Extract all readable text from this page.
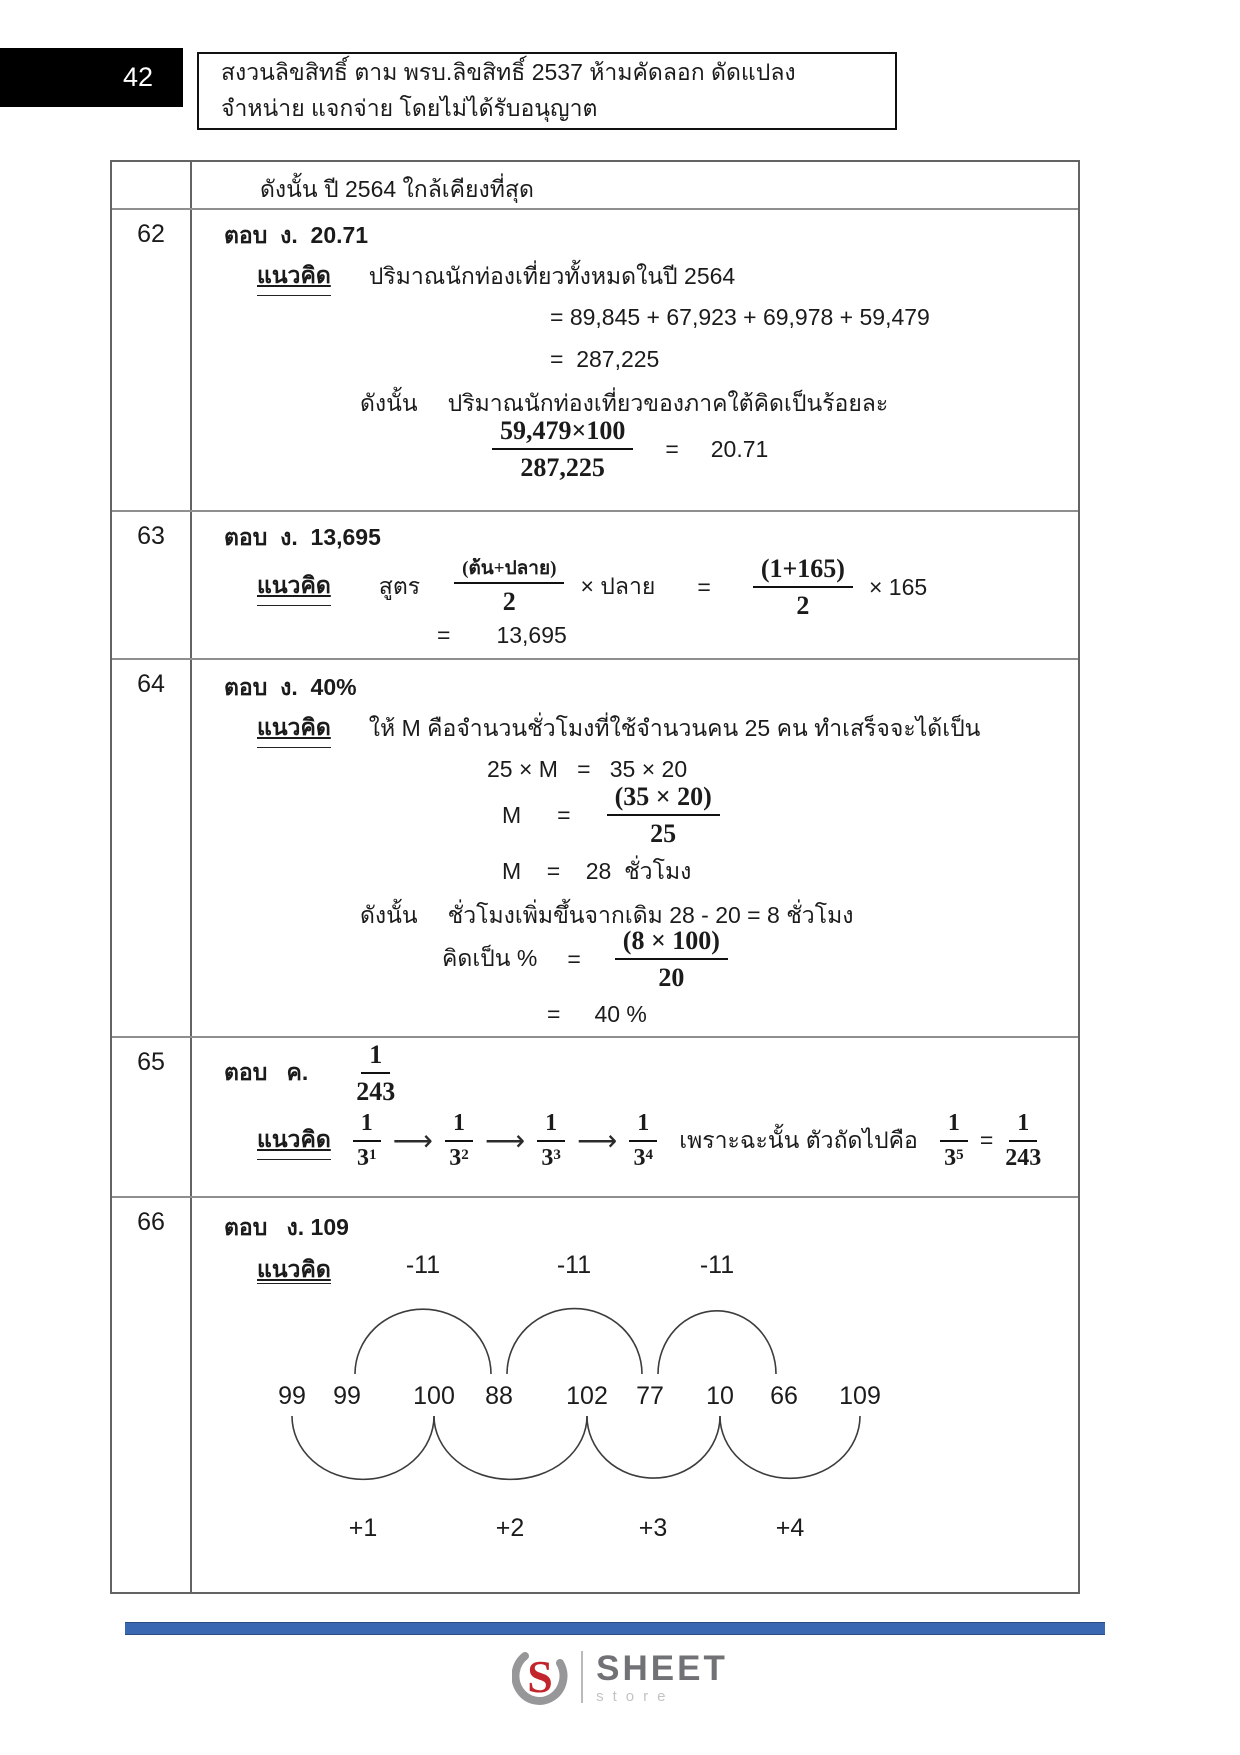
42	สงวนลิขสิทธิ์ ตาม พรบ.ลิขสิทธิ์ 2537 ห้ามคัดลอก ดัดแปลง จำหน่าย แจกจ่าย โดยไม่ได้รับอนุญาต
ดังนั้น ปี 2564 ใกล้เคียงที่สุด
62	ตอบ  ง.  20.71
แนวคิด ปริมาณนักท่องเที่ยวทั้งหมดในปี 2564
= 89,845 + 67,923 + 69,978 + 59,479
=  287,225
ดังนั้น ปริมาณนักท่องเที่ยวของภาคใต้คิดเป็นร้อยละ
$\frac{59,479\times 100}{287,225} = 20.71$
63	ตอบ  ง.  13,695
แนวคิด สูตร $\frac{\text{(ต้น+ปลาย)}}{2}$ × ปลาย = $\frac{(1+165)}{2} \times 165$
= 13,695
64	ตอบ  ง.  40%
แนวคิด ให้ M คือจำนวนชั่วโมงที่ใช้จำนวนคน 25 คน ทำเสร็จจะได้เป็น
25 × M   =   35 × 20
$M = \frac{(35 \times 20)}{25}$
M    =    28  ชั่วโมง
ดังนั้น ชั่วโมงเพิ่มขึ้นจากเดิม 28 - 20 = 8 ชั่วโมง
คิดเป็น % = $\frac{(8 \times 100)}{20}$
= 40 %
65	ตอบ   ค. $\frac{1}{243}$
แนวคิด $\frac{1}{3^1}$ ⟶ $\frac{1}{3^2}$ ⟶ $\frac{1}{3^3}$ ⟶ $\frac{1}{3^4}$ เพราะฉะนั้น ตัวถัดไปคือ $\frac{1}{3^5} = \frac{1}{243}$
66	ตอบ   ง. 109
แนวคิด	-11	-11	-11
99 99 100 88 102 77 10 66 109
+1	+2	+3	+4
S SHEET
store
